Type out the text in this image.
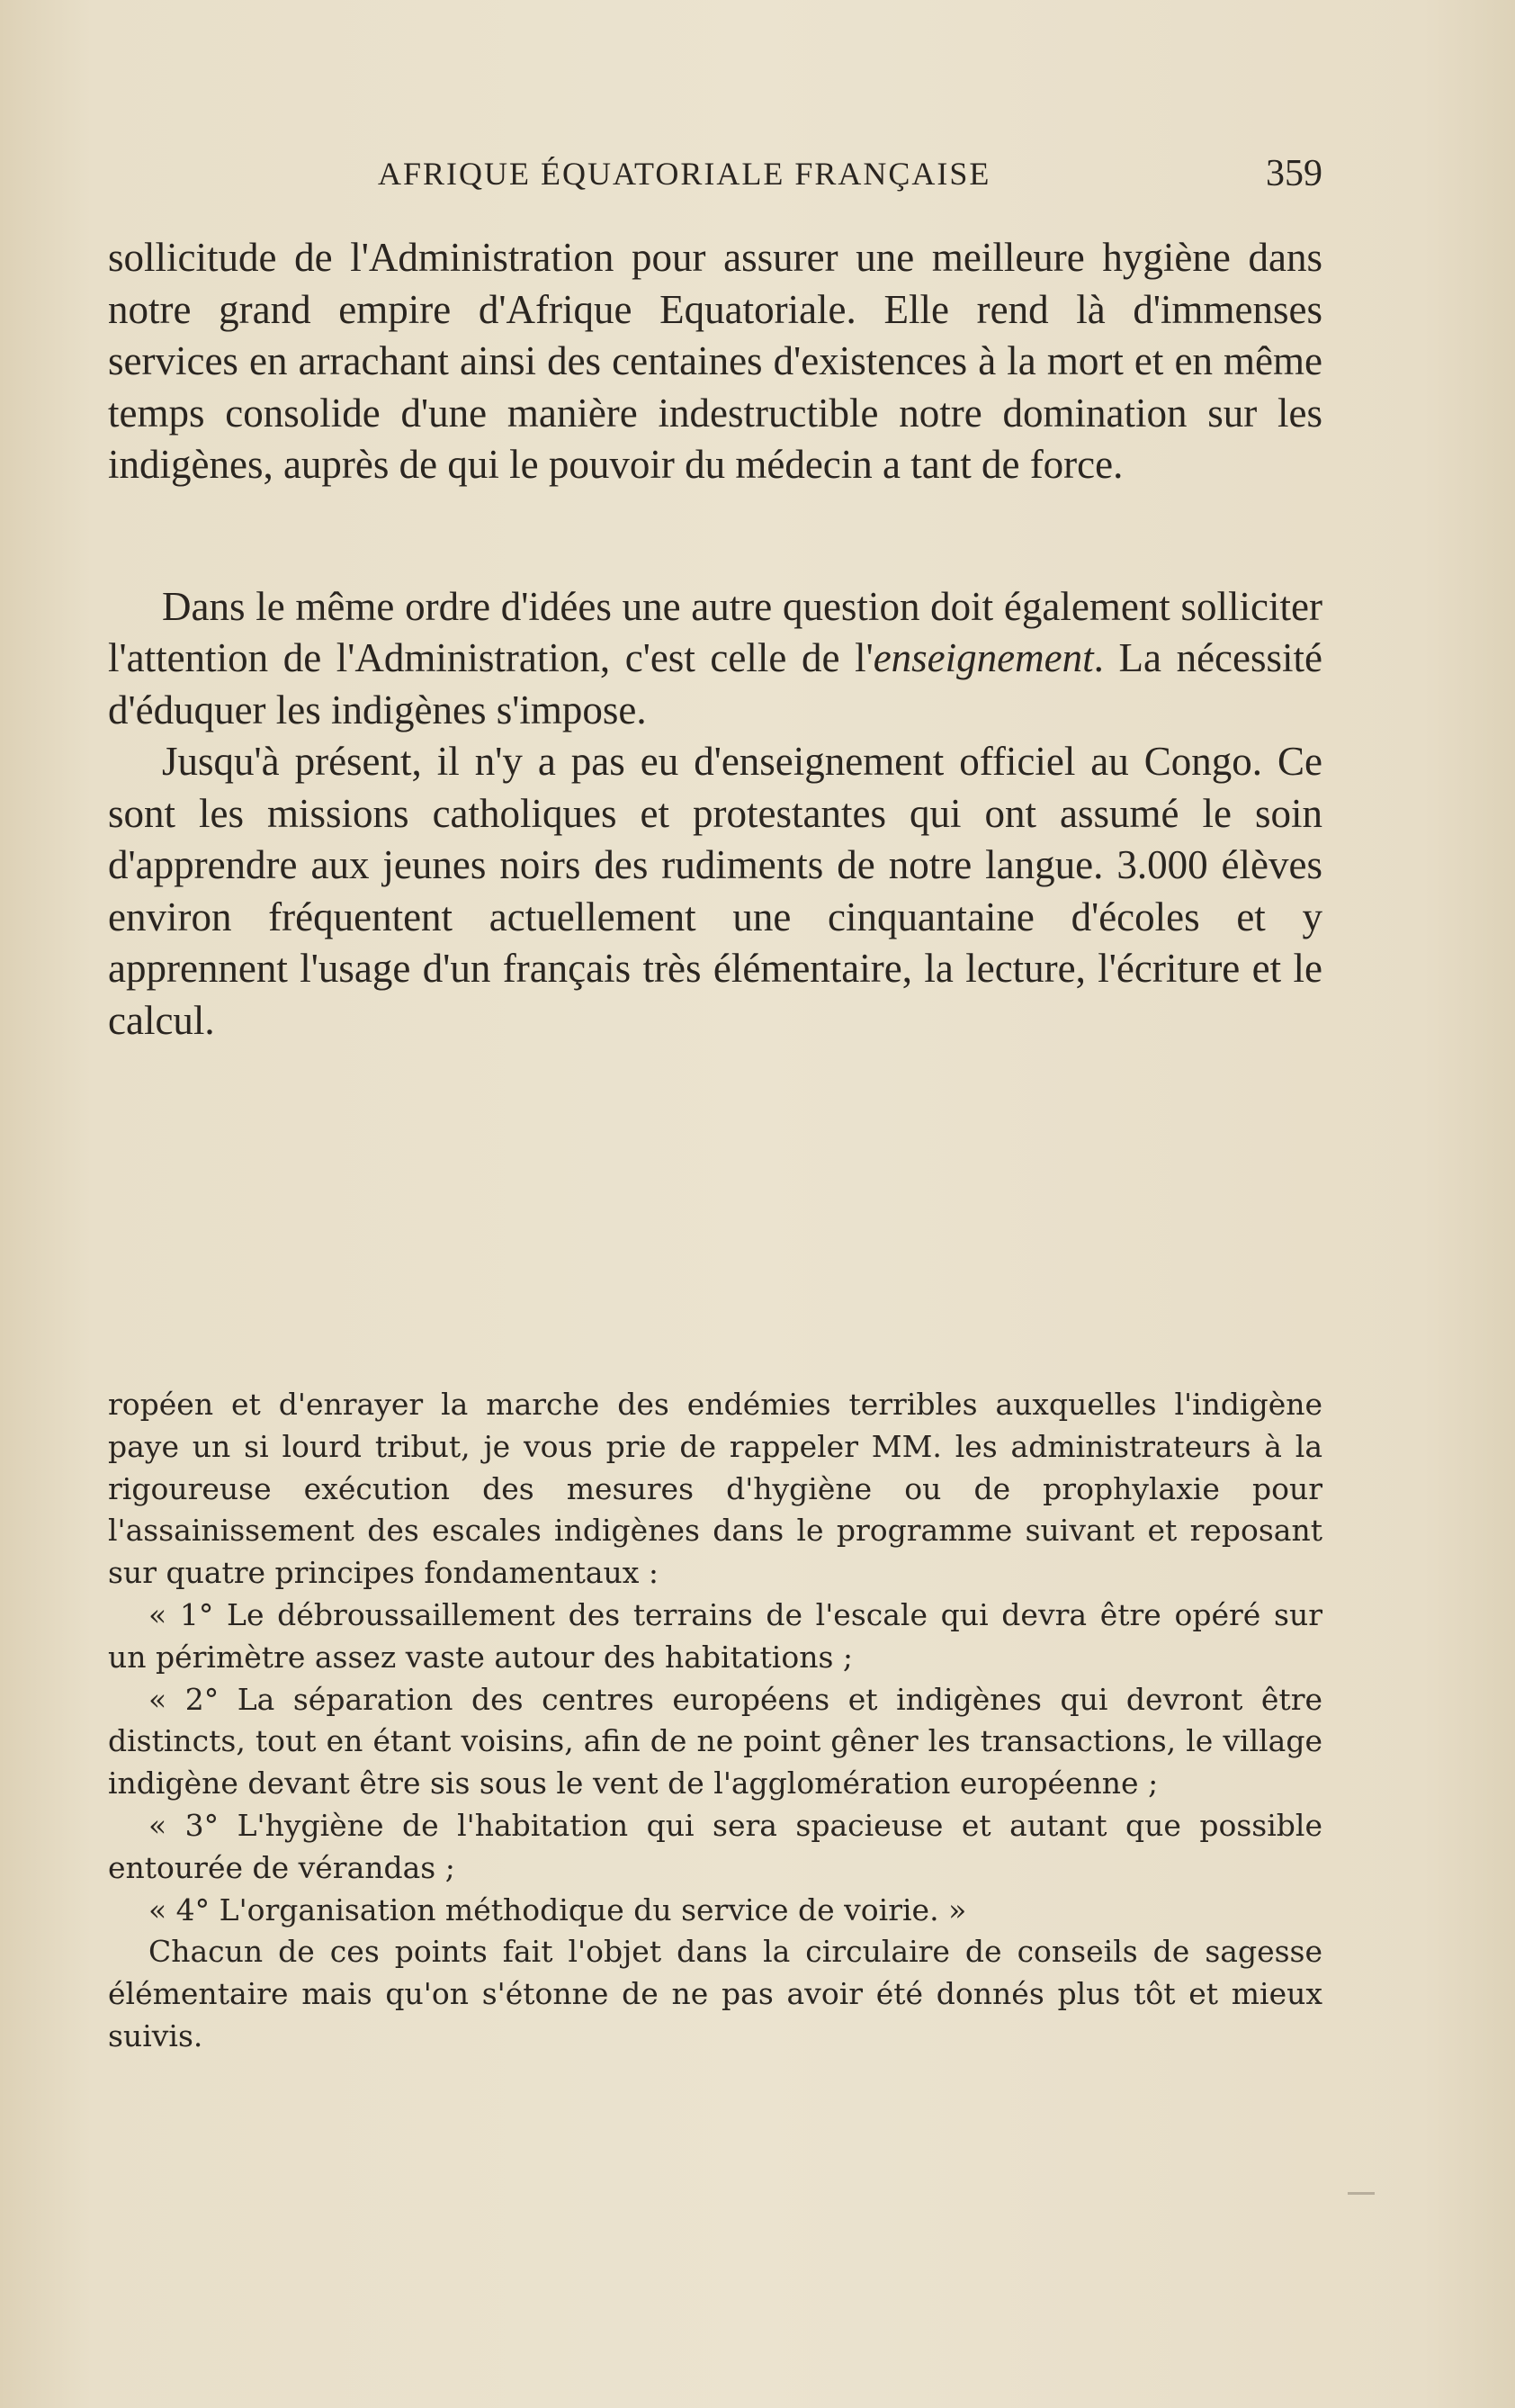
AFRIQUE ÉQUATORIALE FRANÇAISE	359

sollicitude de l'Administration pour assurer une meilleure hygiène dans notre grand empire d'Afrique Equatoriale. Elle rend là d'immenses services en arrachant ainsi des centaines d'existences à la mort et en même temps consolide d'une manière indestructible notre domination sur les indigènes, auprès de qui le pouvoir du médecin a tant de force.

Dans le même ordre d'idées une autre question doit également solliciter l'attention de l'Administration, c'est celle de l'enseignement. La nécessité d'éduquer les indigènes s'impose.

Jusqu'à présent, il n'y a pas eu d'enseignement officiel au Congo. Ce sont les missions catholiques et protestantes qui ont assumé le soin d'apprendre aux jeunes noirs des rudiments de notre langue. 3.000 élèves environ fréquentent actuellement une cinquantaine d'écoles et y apprennent l'usage d'un français très élémentaire, la lecture, l'écriture et le calcul.

ropéen et d'enrayer la marche des endémies terribles auxquelles l'indigène paye un si lourd tribut, je vous prie de rappeler MM. les administrateurs à la rigoureuse exécution des mesures d'hygiène ou de prophylaxie pour l'assainissement des escales indigènes dans le programme suivant et reposant sur quatre principes fondamentaux :

« 1° Le débroussaillement des terrains de l'escale qui devra être opéré sur un périmètre assez vaste autour des habitations ;

« 2° La séparation des centres européens et indigènes qui devront être distincts, tout en étant voisins, afin de ne point gêner les transactions, le village indigène devant être sis sous le vent de l'agglomération européenne ;

« 3° L'hygiène de l'habitation qui sera spacieuse et autant que possible entourée de vérandas ;

« 4° L'organisation méthodique du service de voirie. »

Chacun de ces points fait l'objet dans la circulaire de conseils de sagesse élémentaire mais qu'on s'étonne de ne pas avoir été donnés plus tôt et mieux suivis.
